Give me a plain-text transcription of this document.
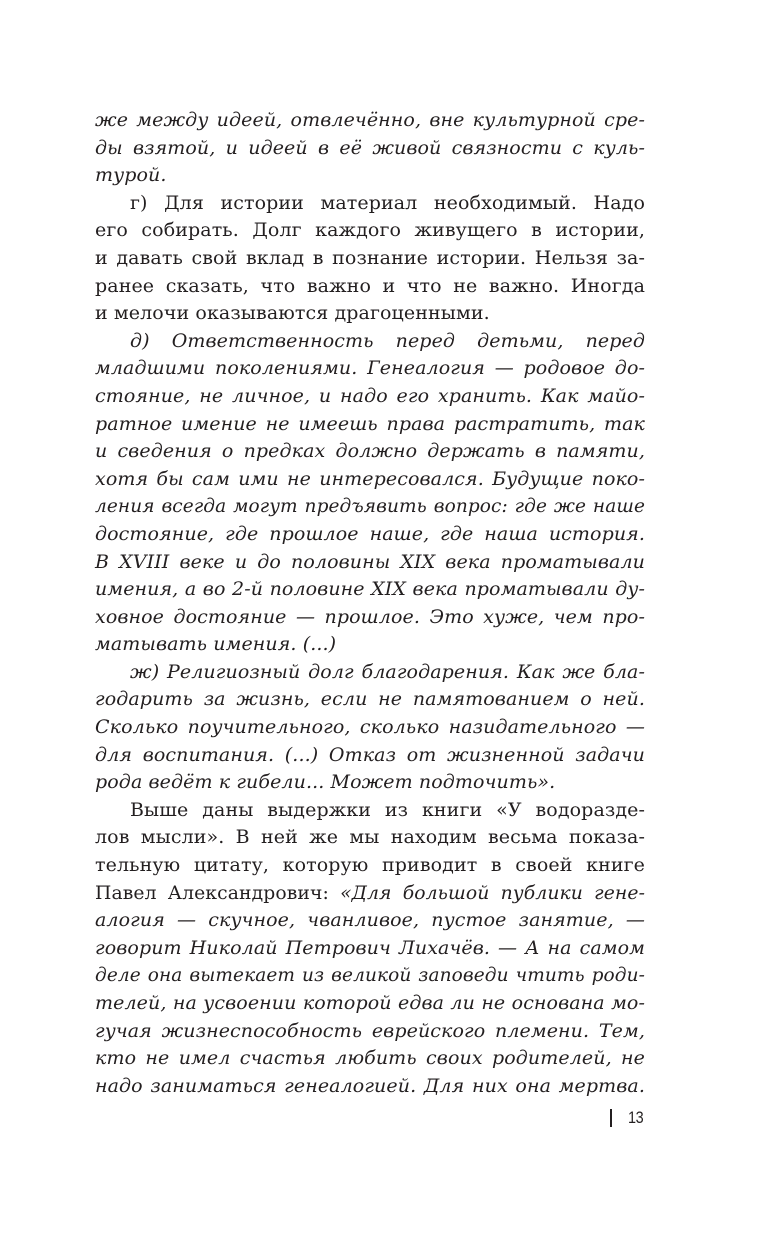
же между идеей, отвлечённо, вне культурной сре-
ды взятой, и идеей в её живой связности с куль-
турой.
г) Для истории материал необходимый. Надо
его собирать. Долг каждого живущего в истории,
и давать свой вклад в познание истории. Нельзя за-
ранее сказать, что важно и что не важно. Иногда
и мелочи оказываются драгоценными.
д) Ответственность перед детьми, перед
младшими поколениями. Генеалогия — родовое до-
стояние, не личное, и надо его хранить. Как майо-
ратное имение не имеешь права растратить, так
и сведения о предках должно держать в памяти,
хотя бы сам ими не интересовался. Будущие поко-
ления всегда могут предъявить вопрос: где же наше
достояние, где прошлое наше, где наша история.
В XVIII веке и до половины XIX века проматывали
имения, а во 2-й половине XIX века проматывали ду-
ховное достояние — прошлое. Это хуже, чем про-
матывать имения. (...)
ж) Религиозный долг благодарения. Как же бла-
годарить за жизнь, если не памятованием о ней.
Сколько поучительного, сколько назидательного —
для воспитания. (...) Отказ от жизненной задачи
рода ведёт к гибели... Может подточить».
Выше даны выдержки из книги «У водоразде-
лов мысли». В ней же мы находим весьма показа-
тельную цитату, которую приводит в своей книге
Павел Александрович: «Для большой публики гене-
алогия — скучное, чванливое, пустое занятие, —
говорит Николай Петрович Лихачёв. — А на самом
деле она вытекает из великой заповеди чтить роди-
телей, на усвоении которой едва ли не основана мо-
гучая жизнеспособность еврейского племени. Тем,
кто не имел счастья любить своих родителей, не
надо заниматься генеалогией. Для них она мертва.
13
